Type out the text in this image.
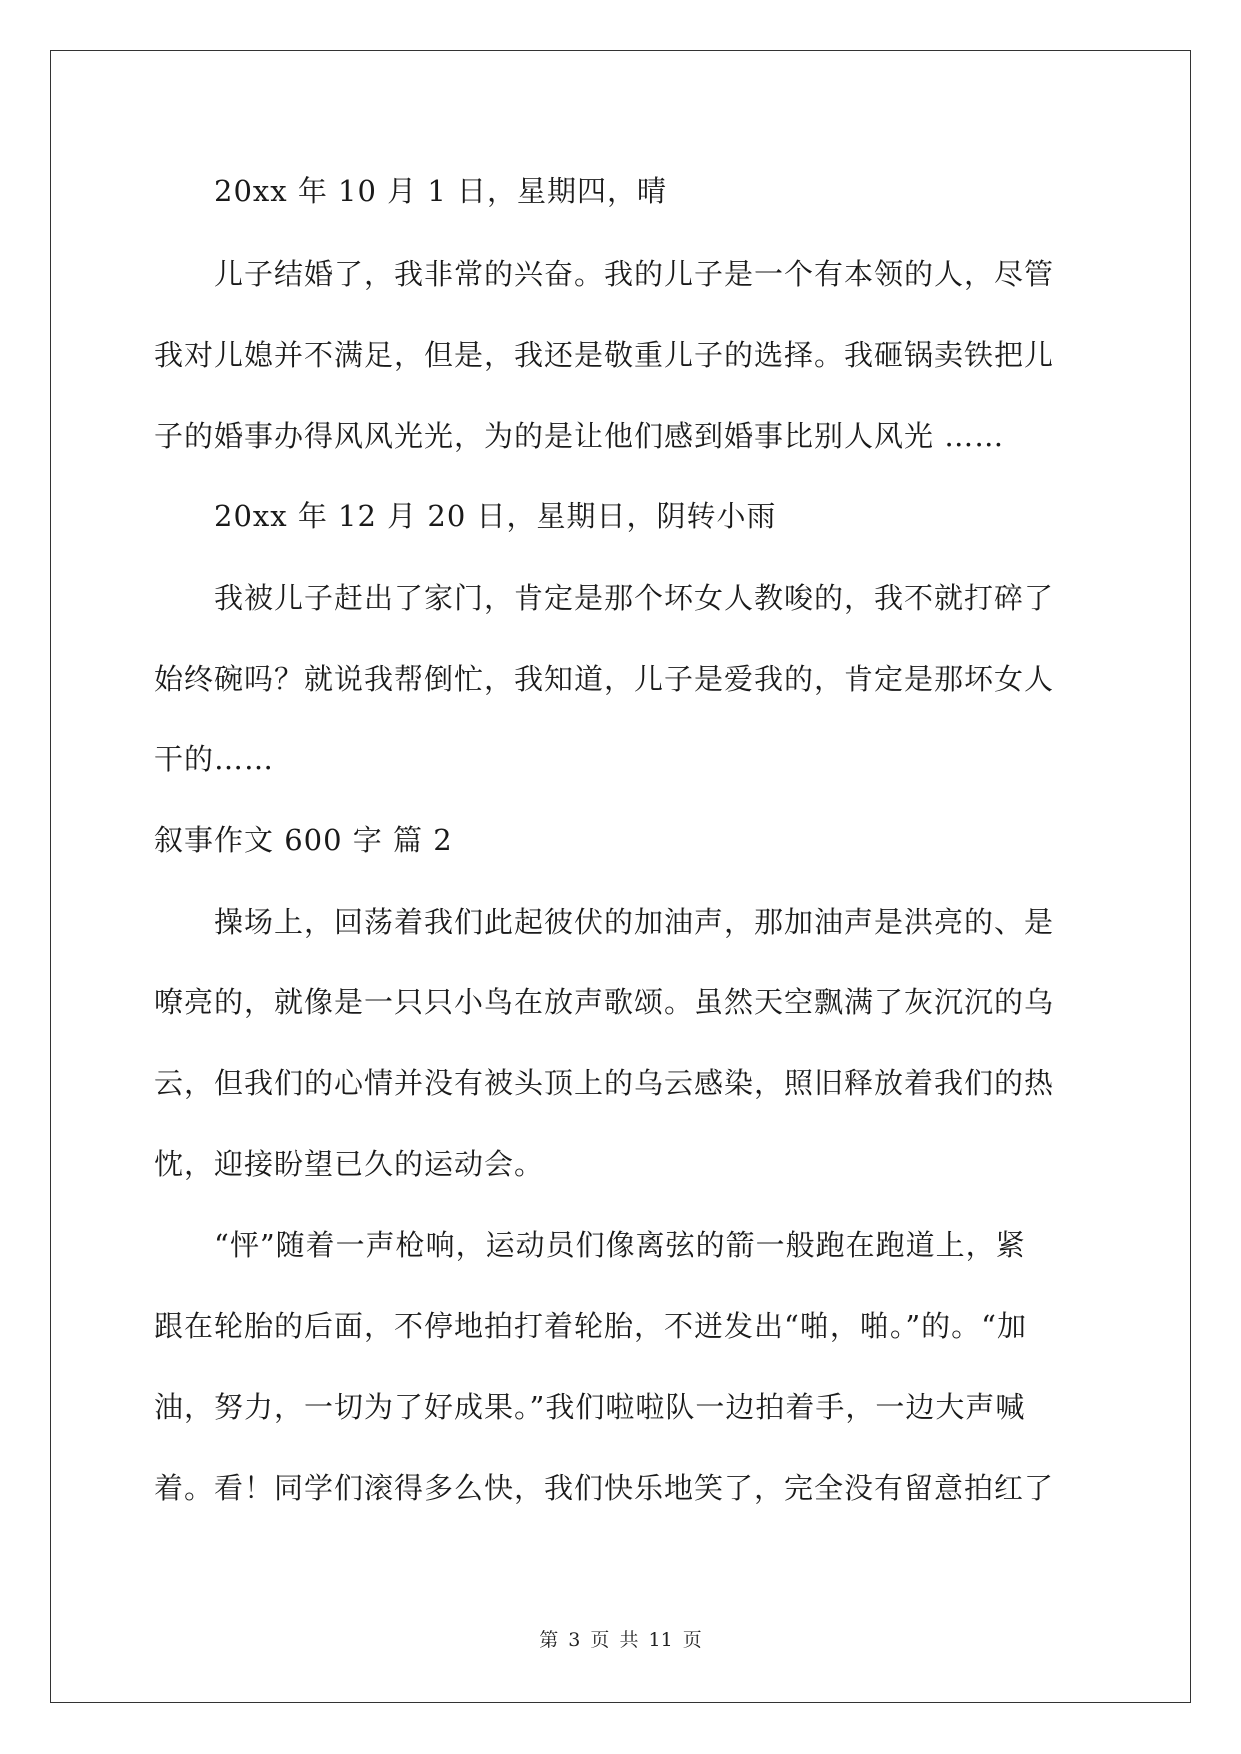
20xx 年 10 月 1 日，星期四，晴
儿子结婚了，我非常的兴奋。我的儿子是一个有本领的人，尽管
我对儿媳并不满足，但是，我还是敬重儿子的选择。我砸锅卖铁把儿
子的婚事办得风风光光，为的是让他们感到婚事比别人风光 ……
20xx 年 12 月 20 日，星期日，阴转小雨
我被儿子赶出了家门，肯定是那个坏女人教唆的，我不就打碎了
始终碗吗？就说我帮倒忙，我知道，儿子是爱我的，肯定是那坏女人
干的……
叙事作文 600 字 篇 2
操场上，回荡着我们此起彼伏的加油声，那加油声是洪亮的、是
嘹亮的，就像是一只只小鸟在放声歌颂。虽然天空飘满了灰沉沉的乌
云，但我们的心情并没有被头顶上的乌云感染，照旧释放着我们的热
忱，迎接盼望已久的运动会。
“怦”随着一声枪响，运动员们像离弦的箭一般跑在跑道上，紧
跟在轮胎的后面，不停地拍打着轮胎，不迸发出“啪，啪。”的。“加
油，努力，一切为了好成果。”我们啦啦队一边拍着手，一边大声喊
着。看！同学们滚得多么快，我们快乐地笑了，完全没有留意拍红了
第 3 页 共 11 页
